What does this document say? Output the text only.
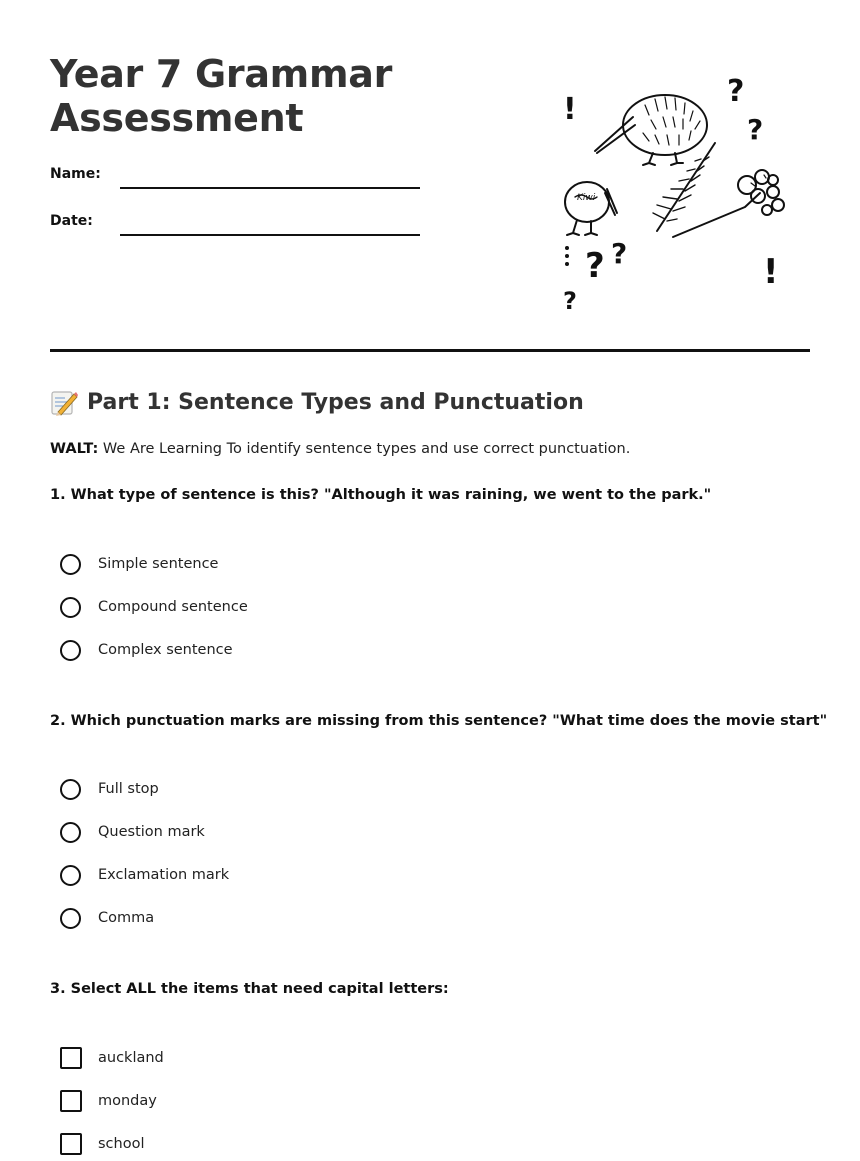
Year 7 Grammar
Assessment
Name:
Date:
Kiwi
!
?
?
? ?
?
!
Part 1: Sentence Types and Punctuation
WALT: We Are Learning To identify sentence types and use correct punctuation.
1. What type of sentence is this? "Although it was raining, we went to the park."
Simple sentence
Compound sentence
Complex sentence
2. Which punctuation marks are missing from this sentence? "What time does the movie start"
Full stop
Question mark
Exclamation mark
Comma
3. Select ALL the items that need capital letters:
auckland
monday
school
